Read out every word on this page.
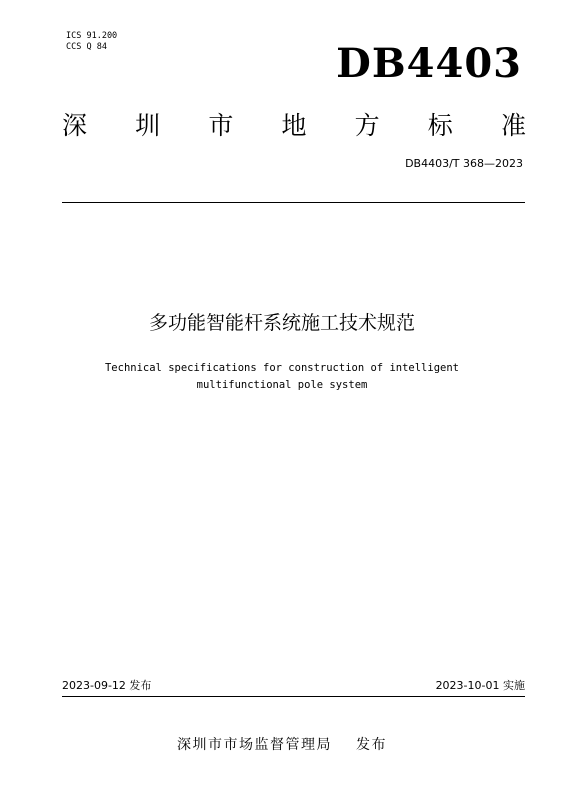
ICS 91.200
CCS Q 84	DB4403
深 圳 市 地 方 标 准
DB4403/T 368—2023
多功能智能杆系统施工技术规范
Technical specifications for construction of intelligent
multifunctional pole system
2023-09-12 发布	2023-10-01 实施
深圳市市场监督管理局 发布
